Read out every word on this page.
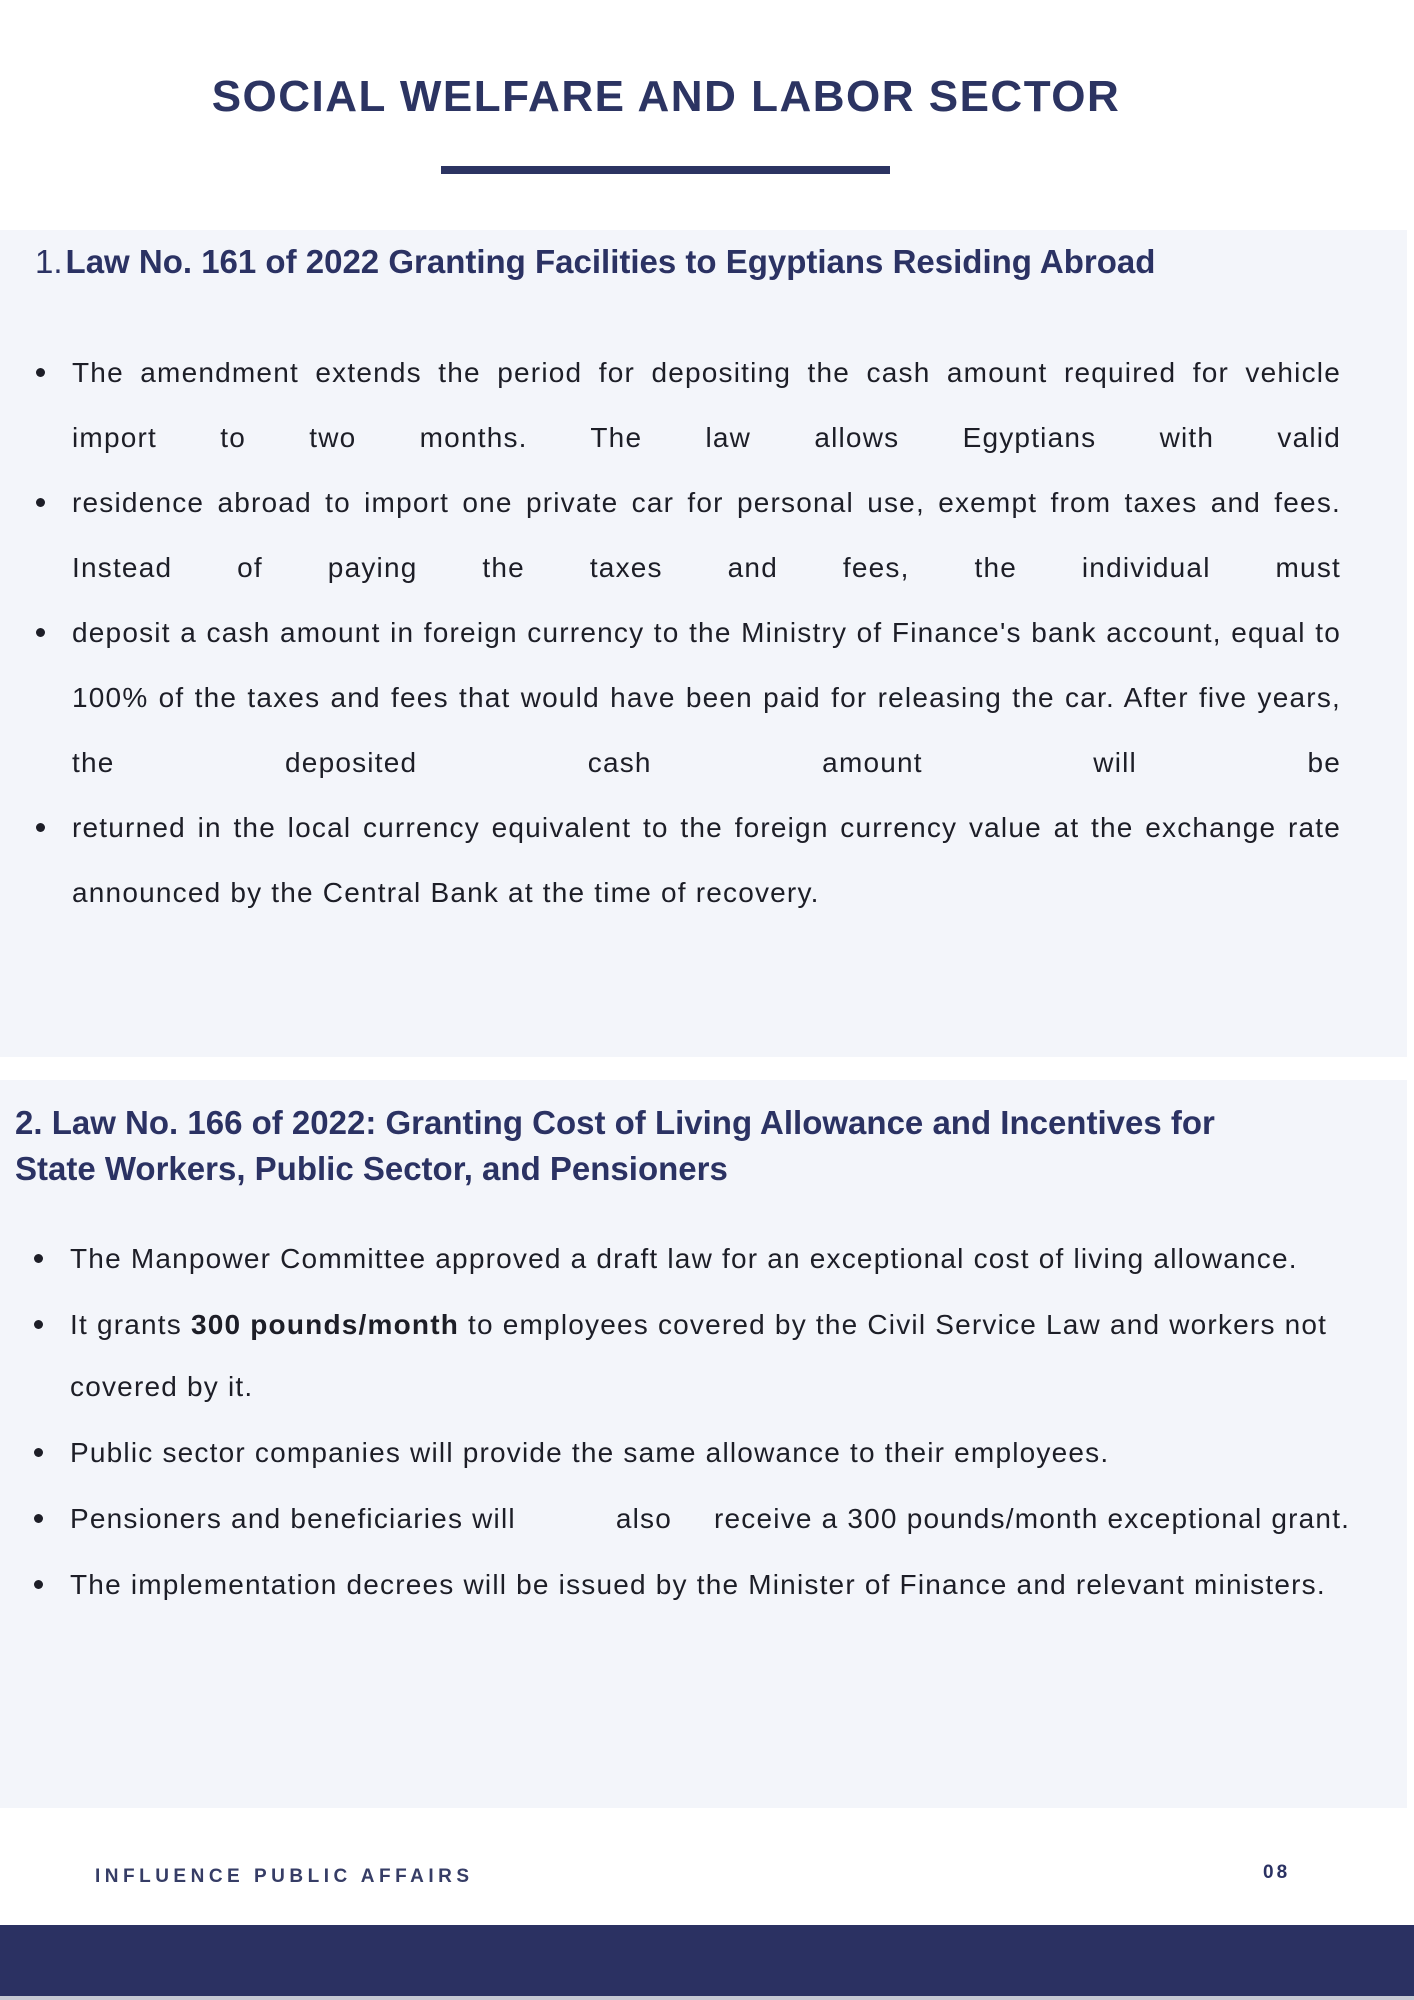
SOCIAL WELFARE AND LABOR SECTOR
1.Law No. 161 of 2022 Granting Facilities to Egyptians Residing Abroad

The amendment extends the period for depositing the cash amount required for vehicle import to two months. The law allows Egyptians with valid

residence abroad to import one private car for personal use, exempt from taxes and fees. Instead of paying the taxes and fees, the individual must

deposit a cash amount in foreign currency to the Ministry of Finance's bank account, equal to 100% of the taxes and fees that would have been paid for releasing the car. After five years, the deposited cash amount will be

returned in the local currency equivalent to the foreign currency value at the exchange rate announced by the Central Bank at the time of recovery.

2. Law No. 166 of 2022: Granting Cost of Living Allowance and Incentives for
State Workers, Public Sector, and Pensioners
The Manpower Committee approved a draft law for an exceptional cost of living allowance.
It grants 300 pounds/month to employees covered by the Civil Service Law and workers not covered by it.
Public sector companies will provide the same allowance to their employees.
Pensioners and beneficiaries will	also receive a 300 pounds/month exceptional grant.
The implementation decrees will be issued by the Minister of Finance and relevant ministers.
INFLUENCE PUBLIC AFFAIRS	08
